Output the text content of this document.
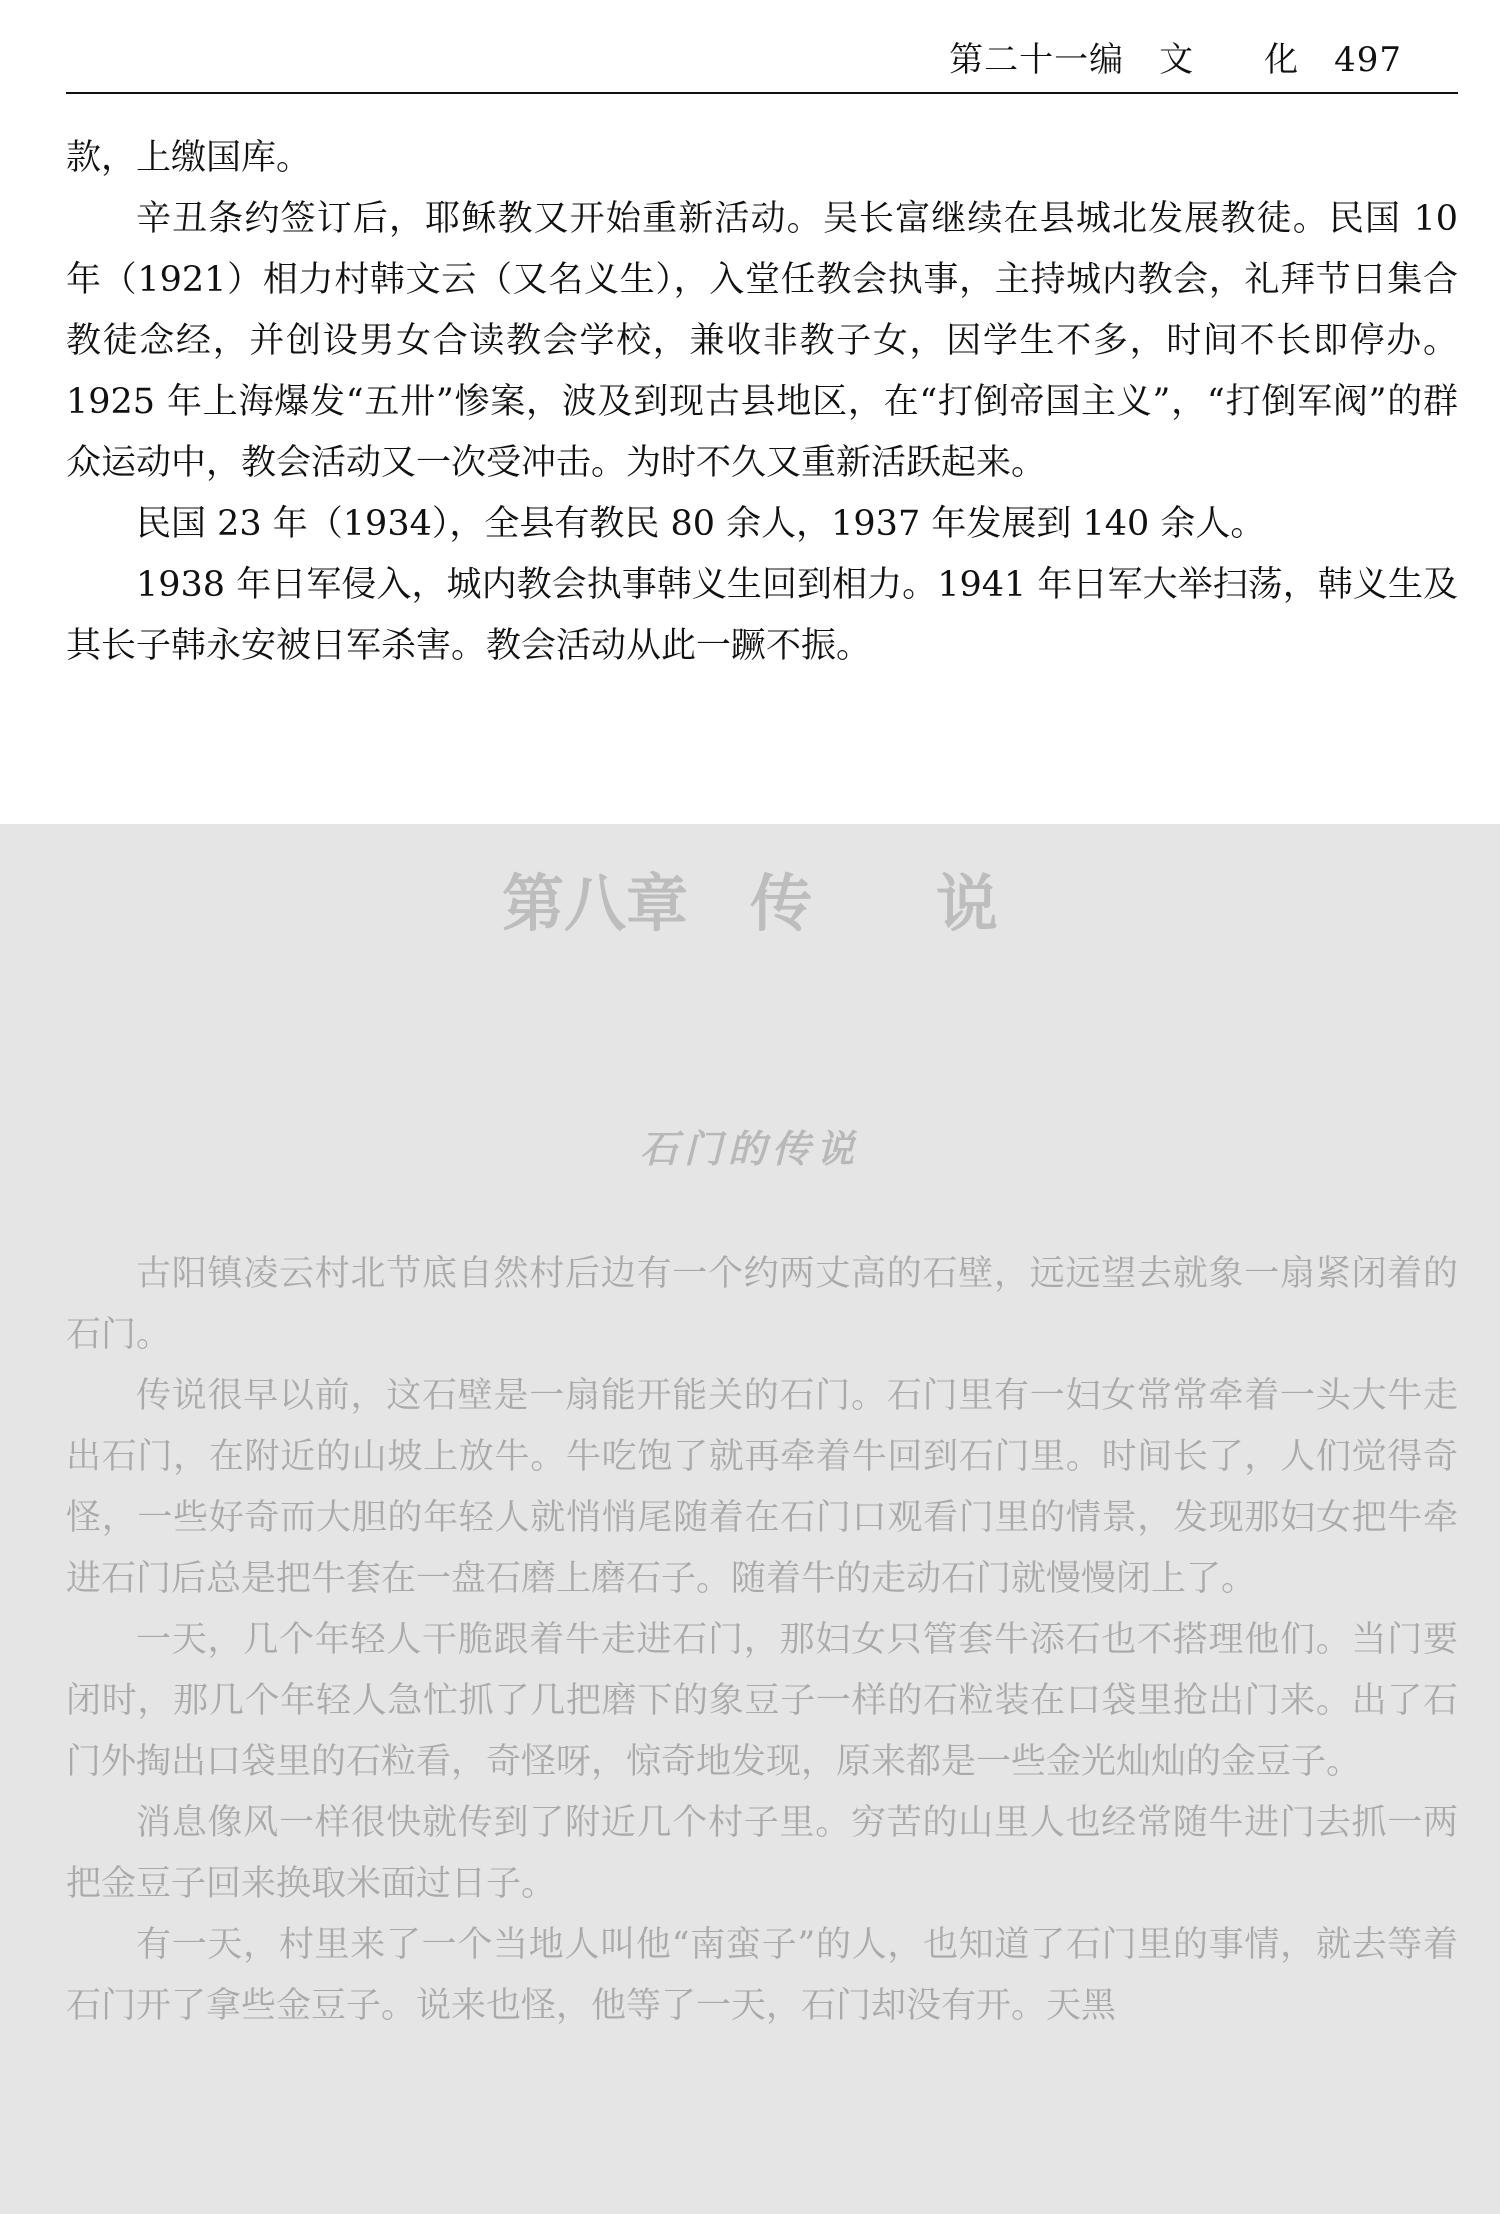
第二十一编　文　　化　497

款，上缴国库。

辛丑条约签订后，耶稣教又开始重新活动。吴长富继续在县城北发展教徒。民国 10 年（1921）相力村韩文云（又名义生），入堂任教会执事，主持城内教会，礼拜节日集合教徒念经，并创设男女合读教会学校，兼收非教子女，因学生不多，时间不长即停办。1925 年上海爆发“五卅”惨案，波及到现古县地区，在“打倒帝国主义”，“打倒军阀”的群众运动中，教会活动又一次受冲击。为时不久又重新活跃起来。

民国 23 年（1934），全县有教民 80 余人，1937 年发展到 140 余人。

1938 年日军侵入，城内教会执事韩义生回到相力。1941 年日军大举扫荡，韩义生及其长子韩永安被日军杀害。教会活动从此一蹶不振。

第八章　传　　说
石门的传说

古阳镇凌云村北节底自然村后边有一个约两丈高的石壁，远远望去就象一扇紧闭着的石门。

传说很早以前，这石壁是一扇能开能关的石门。石门里有一妇女常常牵着一头大牛走出石门，在附近的山坡上放牛。牛吃饱了就再牵着牛回到石门里。时间长了，人们觉得奇怪，一些好奇而大胆的年轻人就悄悄尾随着在石门口观看门里的情景，发现那妇女把牛牵进石门后总是把牛套在一盘石磨上磨石子。随着牛的走动石门就慢慢闭上了。

一天，几个年轻人干脆跟着牛走进石门，那妇女只管套牛添石也不搭理他们。当门要闭时，那几个年轻人急忙抓了几把磨下的象豆子一样的石粒装在口袋里抢出门来。出了石门外掏出口袋里的石粒看，奇怪呀，惊奇地发现，原来都是一些金光灿灿的金豆子。

消息像风一样很快就传到了附近几个村子里。穷苦的山里人也经常随牛进门去抓一两把金豆子回来换取米面过日子。

有一天，村里来了一个当地人叫他“南蛮子”的人，也知道了石门里的事情，就去等着石门开了拿些金豆子。说来也怪，他等了一天，石门却没有开。天黑
